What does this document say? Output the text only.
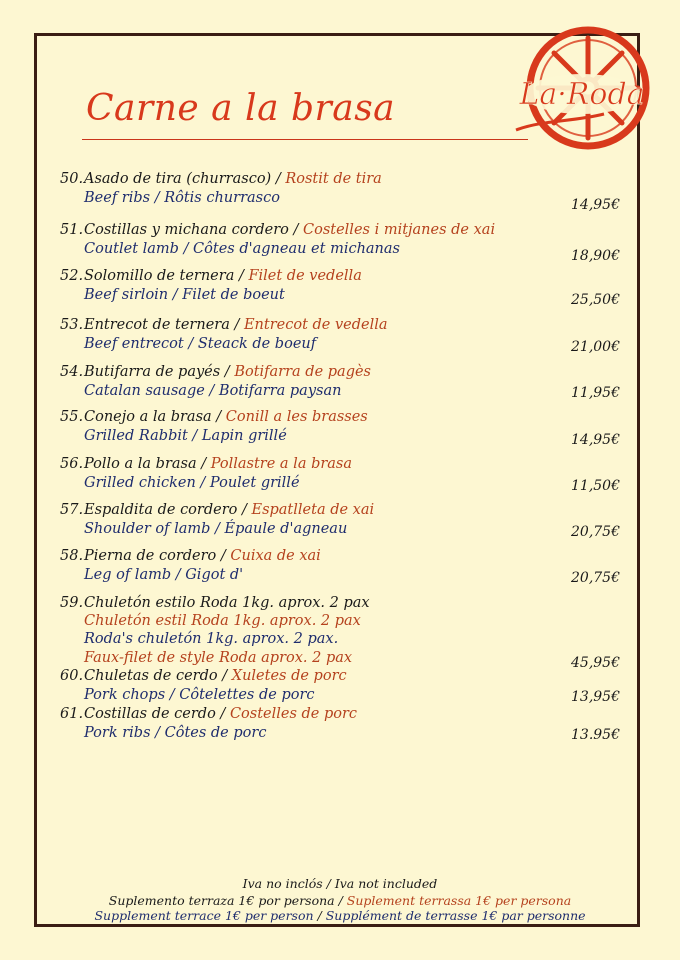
Carne a la brasa	La·Roda
50. Asado de tira (churrasco) / Rostit de tira
Beef ribs / Rôtis churrasco	14,95€
51. Costillas y michana cordero / Costelles i mitjanes de xai
Coutlet lamb / Côtes d'agneau et michanas	18,90€
52. Solomillo de ternera / Filet de vedella
Beef sirloin / Filet de boeut	25,50€
53. Entrecot de ternera / Entrecot de vedella
Beef entrecot / Steack de boeuf	21,00€
54. Butifarra de payés / Botifarra de pagès
Catalan sausage / Botifarra paysan	11,95€
55. Conejo a la brasa / Conill a les brasses
Grilled Rabbit / Lapin grillé	14,95€
56. Pollo a la brasa / Pollastre a la brasa
Grilled chicken / Poulet grillé	11,50€
57. Espaldita de cordero / Espatlleta de xai
Shoulder of lamb / Épaule d'agneau	20,75€
58. Pierna de cordero / Cuixa de xai
Leg of lamb / Gigot d'	20,75€
59. Chuletón estilo Roda 1kg. aprox. 2 pax
Chuletón estil Roda 1kg. aprox. 2 pax
Roda's chuletón 1kg. aprox. 2 pax.
Faux-filet de style Roda aprox. 2 pax	45,95€
60. Chuletas de cerdo / Xuletes de porc
Pork chops / Côtelettes de porc	13,95€
61. Costillas de cerdo / Costelles de porc
Pork ribs / Côtes de porc	13.95€
Iva no inclós / Iva not included
Suplemento terraza 1€ por persona / Suplement terrassa 1€ per persona
Supplement terrace 1€ per person / Supplément de terrasse 1€ par personne
